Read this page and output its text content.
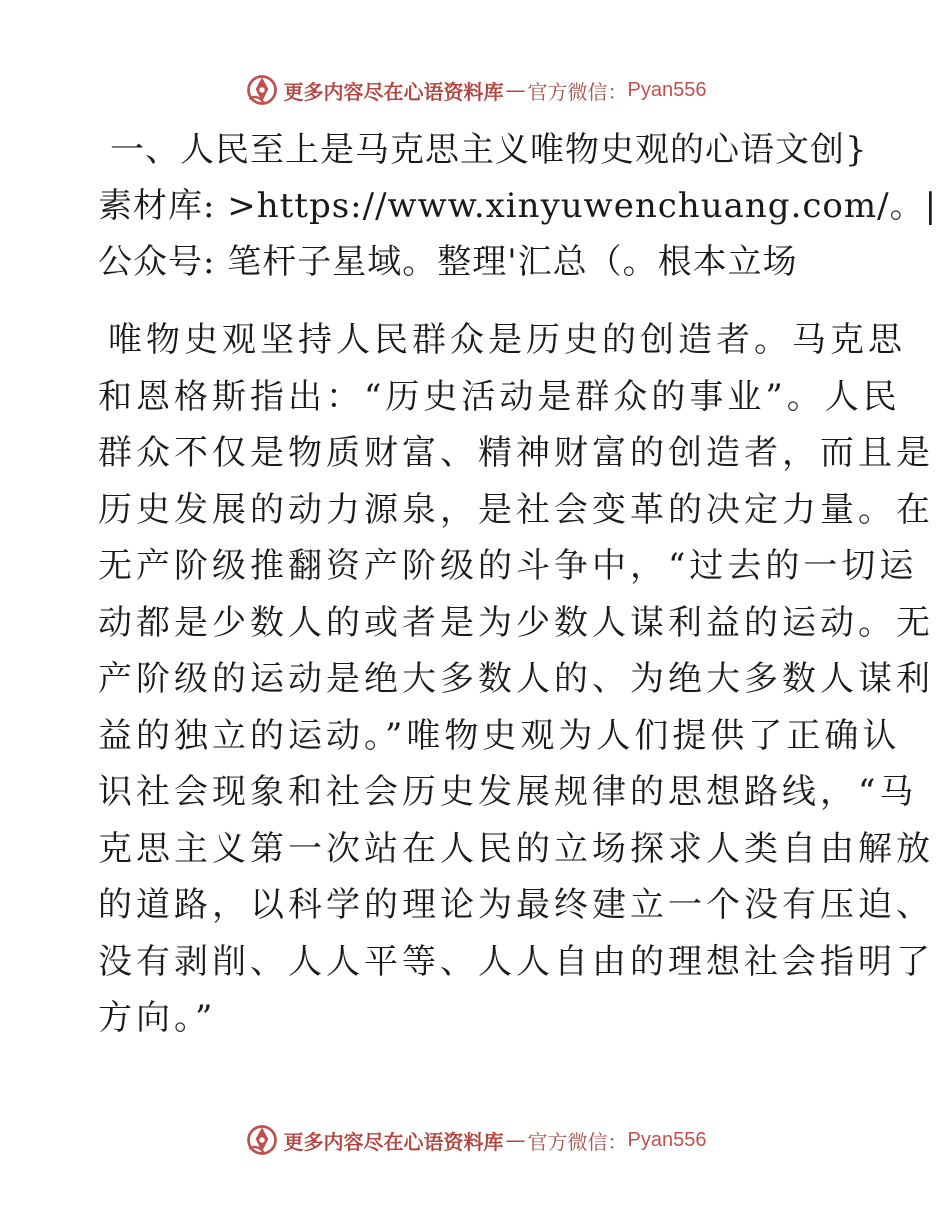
更多内容尽在心语资料库 — 官方微信： Pyan556
一、人民至上是马克思主义唯物史观的心语文创}
素材库: >https://www.xinyuwenchuang.com/。|
公众号: 笔杆子星域。整理'汇总（。根本立场
唯物史观坚持人民群众是历史的创造者。马克思
和恩格斯指出：“历史活动是群众的事业”。人民
群众不仅是物质财富、精神财富的创造者，而且是
历史发展的动力源泉，是社会变革的决定力量。在
无产阶级推翻资产阶级的斗争中，“过去的一切运
动都是少数人的或者是为少数人谋利益的运动。无
产阶级的运动是绝大多数人的、为绝大多数人谋利
益的独立的运动。”唯物史观为人们提供了正确认
识社会现象和社会历史发展规律的思想路线，“马
克思主义第一次站在人民的立场探求人类自由解放
的道路，以科学的理论为最终建立一个没有压迫、
没有剥削、人人平等、人人自由的理想社会指明了
方向。”
更多内容尽在心语资料库 — 官方微信： Pyan556
